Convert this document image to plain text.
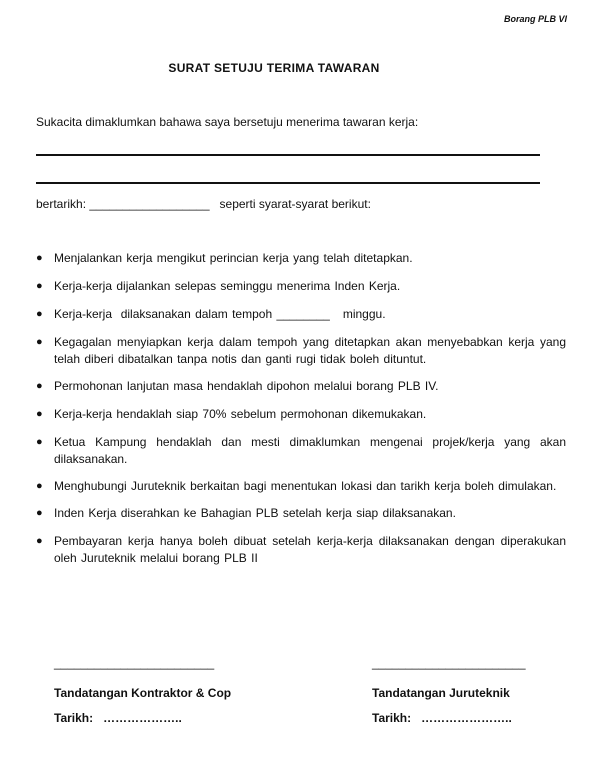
Borang PLB VI
SURAT SETUJU TERIMA TAWARAN
Sukacita dimaklumkan bahawa saya bersetuju menerima tawaran kerja:
bertarikh: __________________ seperti syarat-syarat berikut:
● Menjalankan kerja mengikut perincian kerja yang telah ditetapkan.
● Kerja-kerja dijalankan selepas seminggu menerima Inden Kerja.
● Kerja-kerja  dilaksanakan dalam tempoh ________   minggu.
● Kegagalan menyiapkan kerja dalam tempoh yang ditetapkan akan menyebabkan kerja yang telah diberi dibatalkan tanpa notis dan ganti rugi tidak boleh dituntut.
● Permohonan lanjutan masa hendaklah dipohon melalui borang PLB IV.
● Kerja-kerja hendaklah siap 70% sebelum permohonan dikemukakan.
● Ketua Kampung hendaklah dan mesti dimaklumkan mengenai projek/kerja yang akan dilaksanakan.
● Menghubungi Juruteknik berkaitan bagi menentukan lokasi dan tarikh kerja boleh dimulakan.
● Inden Kerja diserahkan ke Bahagian PLB setelah kerja siap dilaksanakan.
● Pembayaran kerja hanya boleh dibuat setelah kerja-kerja dilaksanakan dengan diperakukan oleh Juruteknik melalui borang PLB II
________________________
Tandatangan Kontraktor & Cop
Tarikh: ………………..
_______________________
Tandatangan Juruteknik
Tarikh: …………………..
